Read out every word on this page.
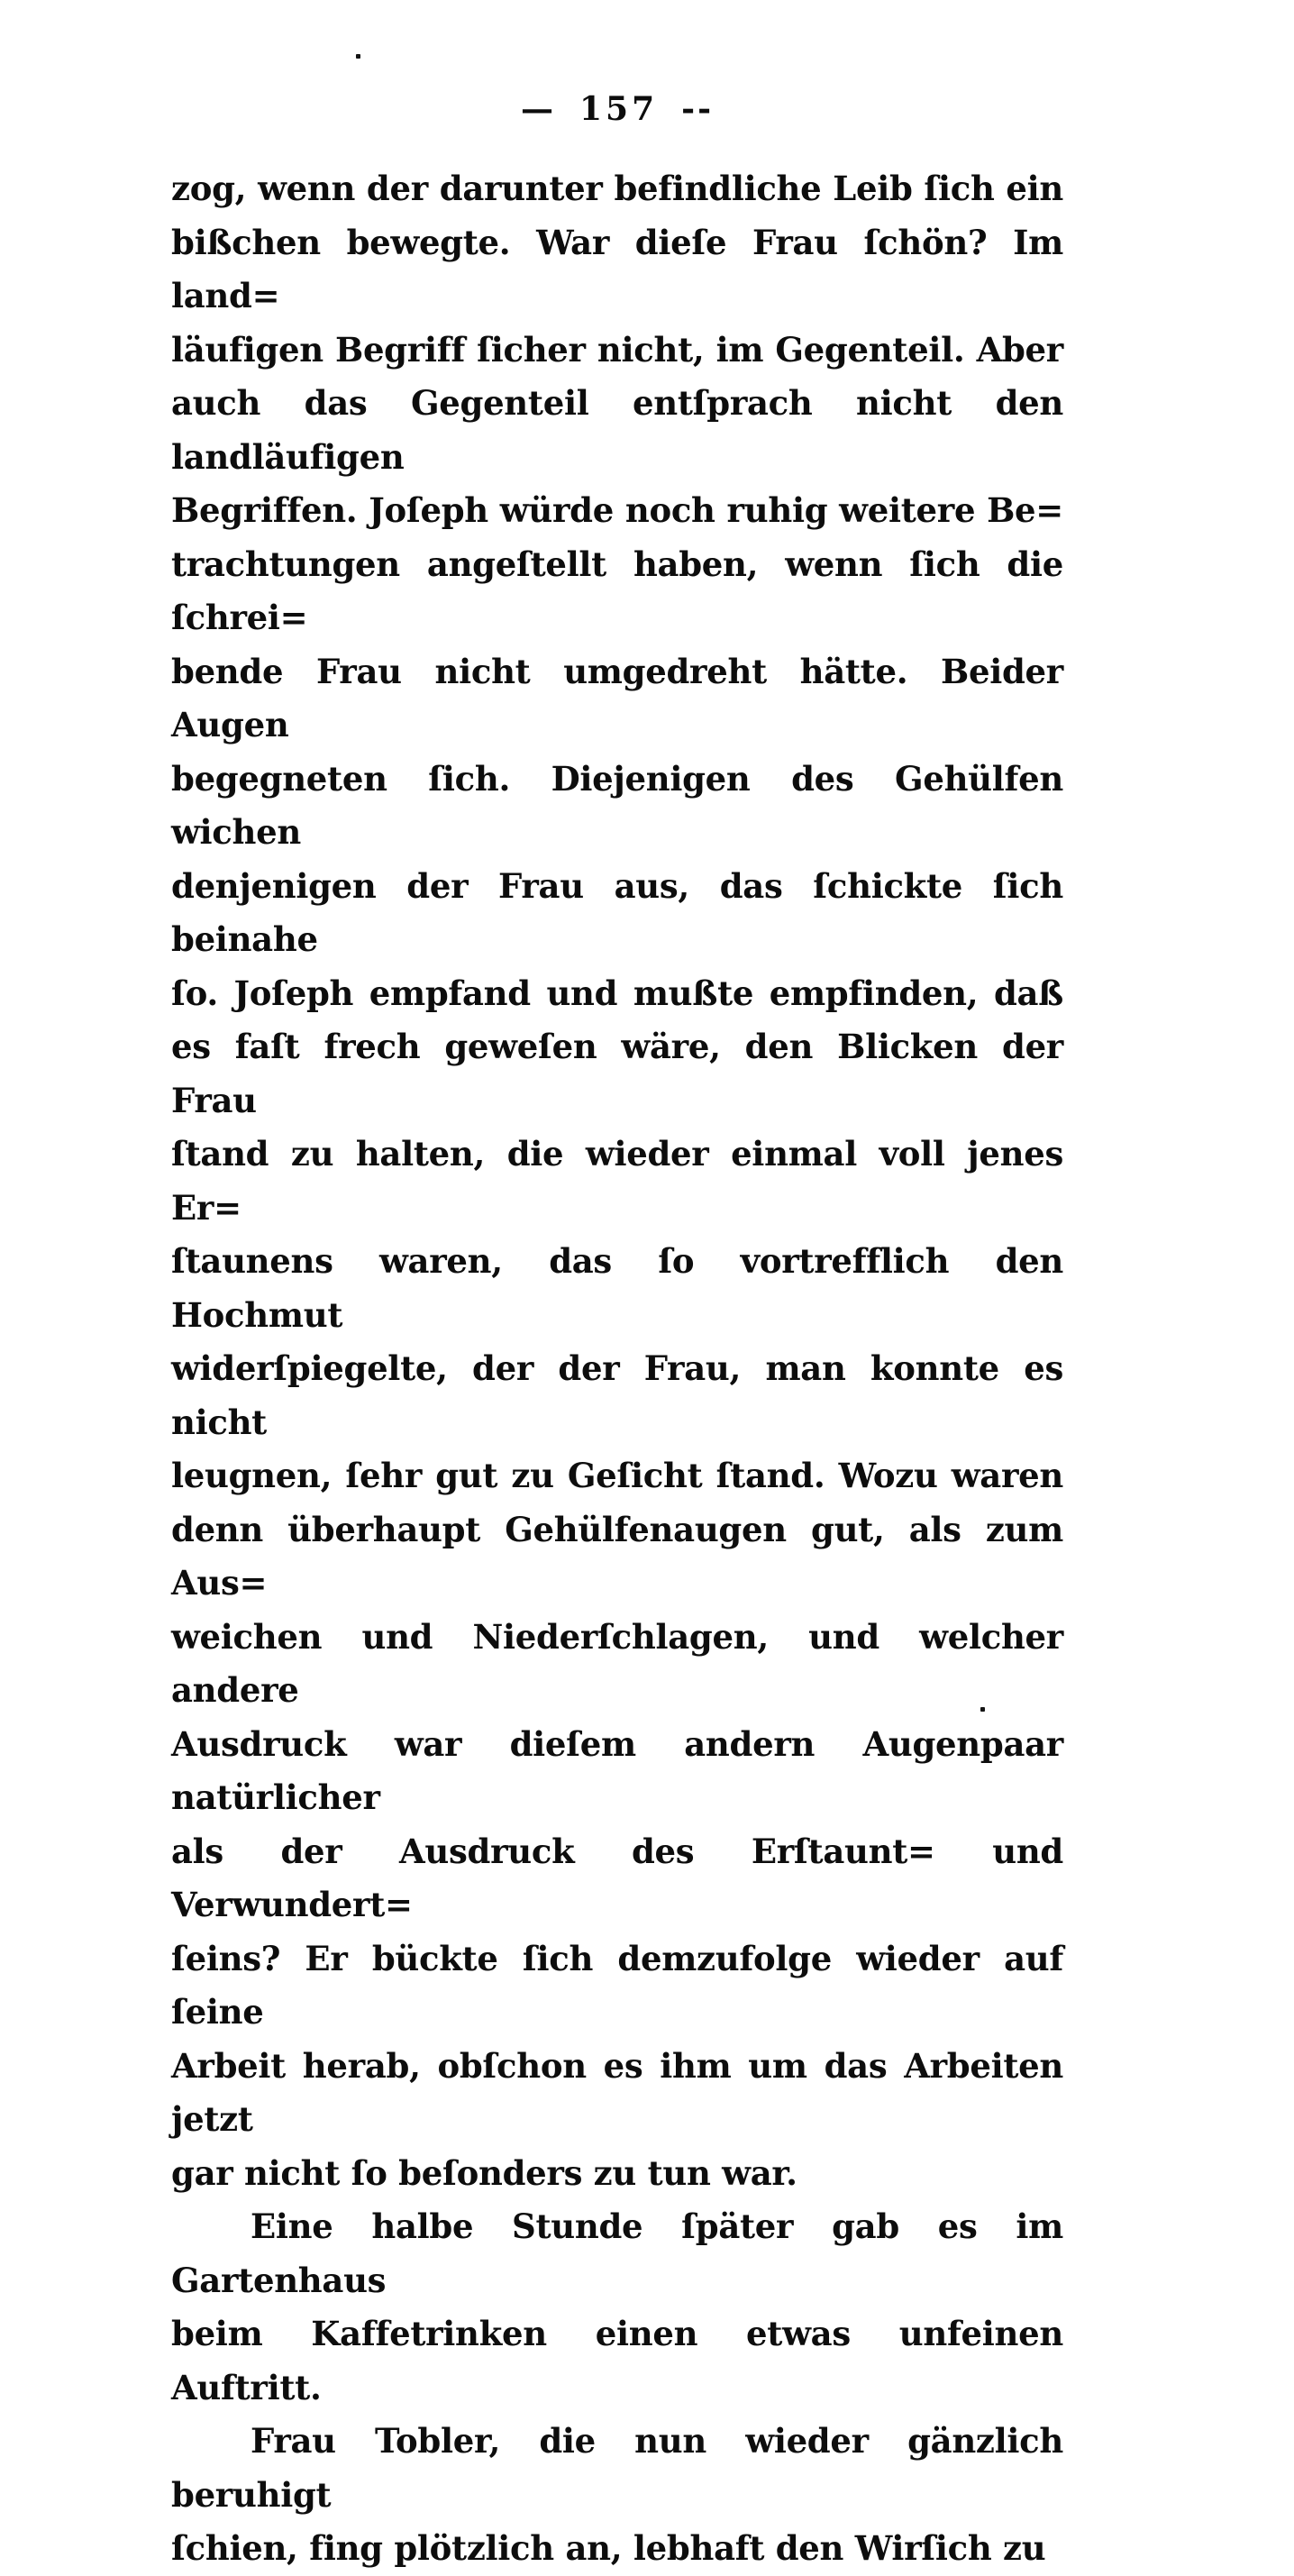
— 157 --
zog, wenn der darunter befindliche Leib ſich ein
bißchen bewegte. War dieſe Frau ſchön? Im land=
läufigen Begriff ſicher nicht, im Gegenteil. Aber
auch das Gegenteil entſprach nicht den landläufigen
Begriffen. Joſeph würde noch ruhig weitere Be=
trachtungen angeſtellt haben, wenn ſich die ſchrei=
bende Frau nicht umgedreht hätte. Beider Augen
begegneten ſich. Diejenigen des Gehülfen wichen
denjenigen der Frau aus, das ſchickte ſich beinahe
ſo. Joſeph empfand und mußte empfinden, daß
es faſt frech geweſen wäre, den Blicken der Frau
ſtand zu halten, die wieder einmal voll jenes Er=
ſtaunens waren, das ſo vortrefflich den Hochmut
widerſpiegelte, der der Frau, man konnte es nicht
leugnen, ſehr gut zu Geſicht ſtand. Wozu waren
denn überhaupt Gehülfenaugen gut, als zum Aus=
weichen und Niederſchlagen, und welcher andere
Ausdruck war dieſem andern Augenpaar natürlicher
als der Ausdruck des Erſtaunt= und Verwundert=
ſeins? Er bückte ſich demzufolge wieder auf ſeine
Arbeit herab, obſchon es ihm um das Arbeiten jetzt
gar nicht ſo beſonders zu tun war.
Eine halbe Stunde ſpäter gab es im Gartenhaus
beim Kaffetrinken einen etwas unfeinen Auftritt.
Frau Tobler, die nun wieder gänzlich beruhigt
ſchien, fing plötzlich an, lebhaft den Wirſich zu
